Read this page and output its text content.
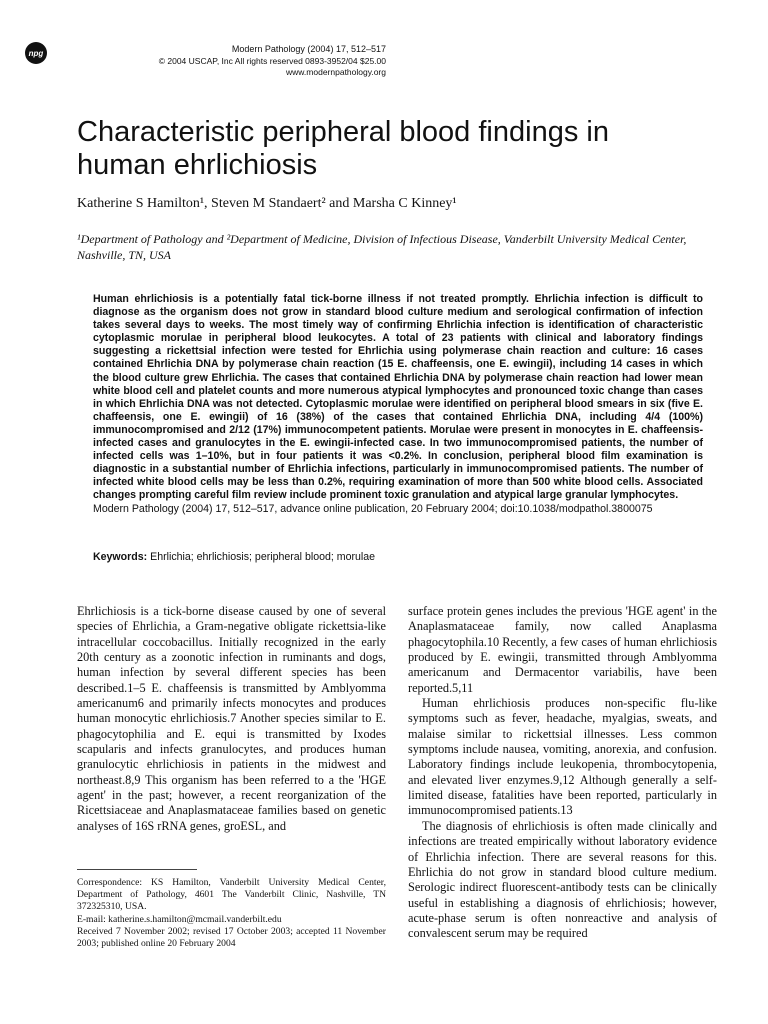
npg	Modern Pathology (2004) 17, 512–517
© 2004 USCAP, Inc All rights reserved 0893-3952/04 $25.00
www.modernpathology.org
Characteristic peripheral blood findings in human ehrlichiosis
Katherine S Hamilton¹, Steven M Standaert² and Marsha C Kinney¹
¹Department of Pathology and ²Department of Medicine, Division of Infectious Disease, Vanderbilt University Medical Center, Nashville, TN, USA
Human ehrlichiosis is a potentially fatal tick-borne illness if not treated promptly. Ehrlichia infection is difficult to diagnose as the organism does not grow in standard blood culture medium and serological confirmation of infection takes several days to weeks. The most timely way of confirming Ehrlichia infection is identification of characteristic cytoplasmic morulae in peripheral blood leukocytes. A total of 23 patients with clinical and laboratory findings suggesting a rickettsial infection were tested for Ehrlichia using polymerase chain reaction and culture: 16 cases contained Ehrlichia DNA by polymerase chain reaction (15 E. chaffeensis, one E. ewingii), including 14 cases in which the blood culture grew Ehrlichia. The cases that contained Ehrlichia DNA by polymerase chain reaction had lower mean white blood cell and platelet counts and more numerous atypical lymphocytes and pronounced toxic change than cases in which Ehrlichia DNA was not detected. Cytoplasmic morulae were identified on peripheral blood smears in six (five E. chaffeensis, one E. ewingii) of 16 (38%) of the cases that contained Ehrlichia DNA, including 4/4 (100%) immunocompromised and 2/12 (17%) immunocompetent patients. Morulae were present in monocytes in E. chaffeensis-infected cases and granulocytes in the E. ewingii-infected case. In two immunocompromised patients, the number of infected cells was 1–10%, but in four patients it was <0.2%. In conclusion, peripheral blood film examination is diagnostic in a substantial number of Ehrlichia infections, particularly in immunocompromised patients. The number of infected white blood cells may be less than 0.2%, requiring examination of more than 500 white blood cells. Associated changes prompting careful film review include prominent toxic granulation and atypical large granular lymphocytes.
Modern Pathology (2004) 17, 512–517, advance online publication, 20 February 2004; doi:10.1038/modpathol.3800075
Keywords: Ehrlichia; ehrlichiosis; peripheral blood; morulae

Ehrlichiosis is a tick-borne disease caused by one of several species of Ehrlichia, a Gram-negative obligate rickettsia-like intracellular coccobacillus. Initially recognized in the early 20th century as a zoonotic infection in ruminants and dogs, human infection by several different species has been described.1–5 E. chaffeensis is transmitted by Amblyomma americanum6 and primarily infects monocytes and produces human monocytic ehrlichiosis.7 Another species similar to E. phagocytophilia and E. equi is transmitted by Ixodes scapularis and infects granulocytes, and produces human granulocytic ehrlichiosis in patients in the midwest and northeast.8,9 This organism has been referred to a the 'HGE agent' in the past; however, a recent reorganization of the Ricettsiaceae and Anaplasmataceae families based on genetic analyses of 16S rRNA genes, groESL, and

surface protein genes includes the previous 'HGE agent' in the Anaplasmataceae family, now called Anaplasma phagocytophila.10 Recently, a few cases of human ehrlichiosis produced by E. ewingii, transmitted through Amblyomma americanum and Dermacentor variabilis, have been reported.5,11

Human ehrlichiosis produces non-specific flu-like symptoms such as fever, headache, myalgias, sweats, and malaise similar to rickettsial illnesses. Less common symptoms include nausea, vomiting, anorexia, and confusion. Laboratory findings include leukopenia, thrombocytopenia, and elevated liver enzymes.9,12 Although generally a self-limited disease, fatalities have been reported, particularly in immunocompromised patients.13

The diagnosis of ehrlichiosis is often made clinically and infections are treated empirically without laboratory evidence of Ehrlichia infection. There are several reasons for this. Ehrlichia do not grow in standard blood culture medium. Serologic indirect fluorescent-antibody tests can be clinically useful in establishing a diagnosis of ehrlichiosis; however, acute-phase serum is often nonreactive and analysis of convalescent serum may be required

Correspondence: KS Hamilton, Vanderbilt University Medical Center, Department of Pathology, 4601 The Vanderbilt Clinic, Nashville, TN 372325310, USA.

E-mail: katherine.s.hamilton@mcmail.vanderbilt.edu

Received 7 November 2002; revised 17 October 2003; accepted 11 November 2003; published online 20 February 2004
